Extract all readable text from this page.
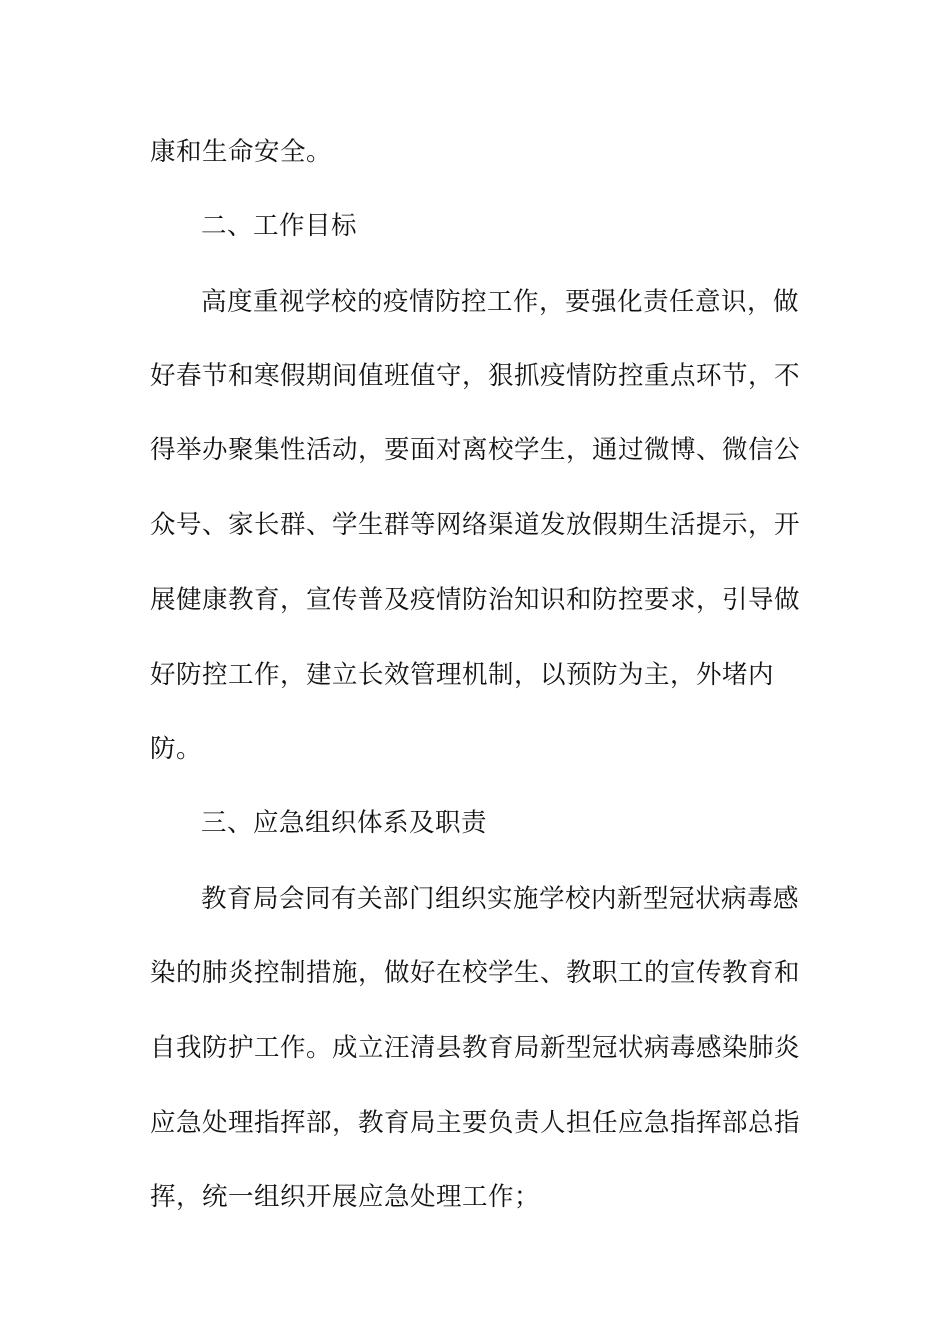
康和生命安全。
二、工作目标
高度重视学校的疫情防控工作，要强化责任意识，做
好春节和寒假期间值班值守，狠抓疫情防控重点环节，不
得举办聚集性活动，要面对离校学生，通过微博、微信公
众号、家长群、学生群等网络渠道发放假期生活提示，开
展健康教育，宣传普及疫情防治知识和防控要求，引导做
好防控工作，建立长效管理机制，以预防为主，外堵内
防。
三、应急组织体系及职责
教育局会同有关部门组织实施学校内新型冠状病毒感
染的肺炎控制措施，做好在校学生、教职工的宣传教育和
自我防护工作。成立汪清县教育局新型冠状病毒感染肺炎
应急处理指挥部，教育局主要负责人担任应急指挥部总指
挥，统一组织开展应急处理工作；
